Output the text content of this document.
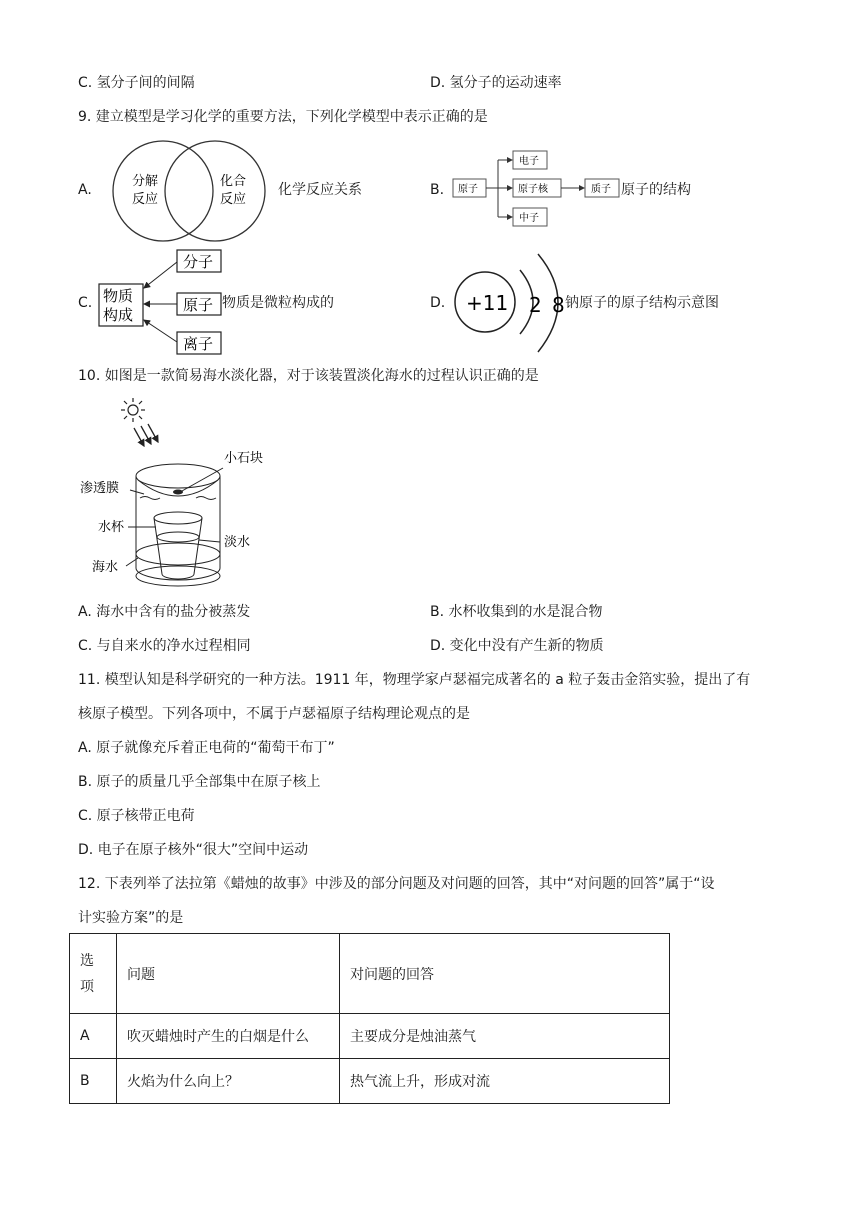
C. 氢分子间的间隔	D. 氢分子的运动速率
9. 建立模型是学习化学的重要方法，下列化学模型中表示正确的是
A.
分解
反应
化合
反应
化学反应关系	B. 原子
电子
原子核
中子
质子 原子的结构
C. 物质
构成
分子
原子
离子
物质是微粒构成的	D. +11 2 8 钠原子的原子结构示意图
10. 如图是一款简易海水淡化器，对于该装置淡化海水的过程认识正确的是
小石块
渗透膜
水杯
淡水
海水
A. 海水中含有的盐分被蒸发	B. 水杯收集到的水是混合物
C. 与自来水的净水过程相同	D. 变化中没有产生新的物质
11. 模型认知是科学研究的一种方法。1911 年，物理学家卢瑟福完成著名的 a 粒子轰击金箔实验，提出了有
核原子模型。下列各项中，不属于卢瑟福原子结构理论观点的是
A. 原子就像充斥着正电荷的“葡萄干布丁”
B. 原子的质量几乎全部集中在原子核上
C. 原子核带正电荷
D. 电子在原子核外“很大”空间中运动
12. 下表列举了法拉第《蜡烛的故事》中涉及的部分问题及对问题的回答，其中“对问题的回答”属于“设
计实验方案”的是
选项	问题	对问题的回答
A	吹灭蜡烛时产生的白烟是什么	主要成分是烛油蒸气
B	火焰为什么向上？	热气流上升，形成对流
